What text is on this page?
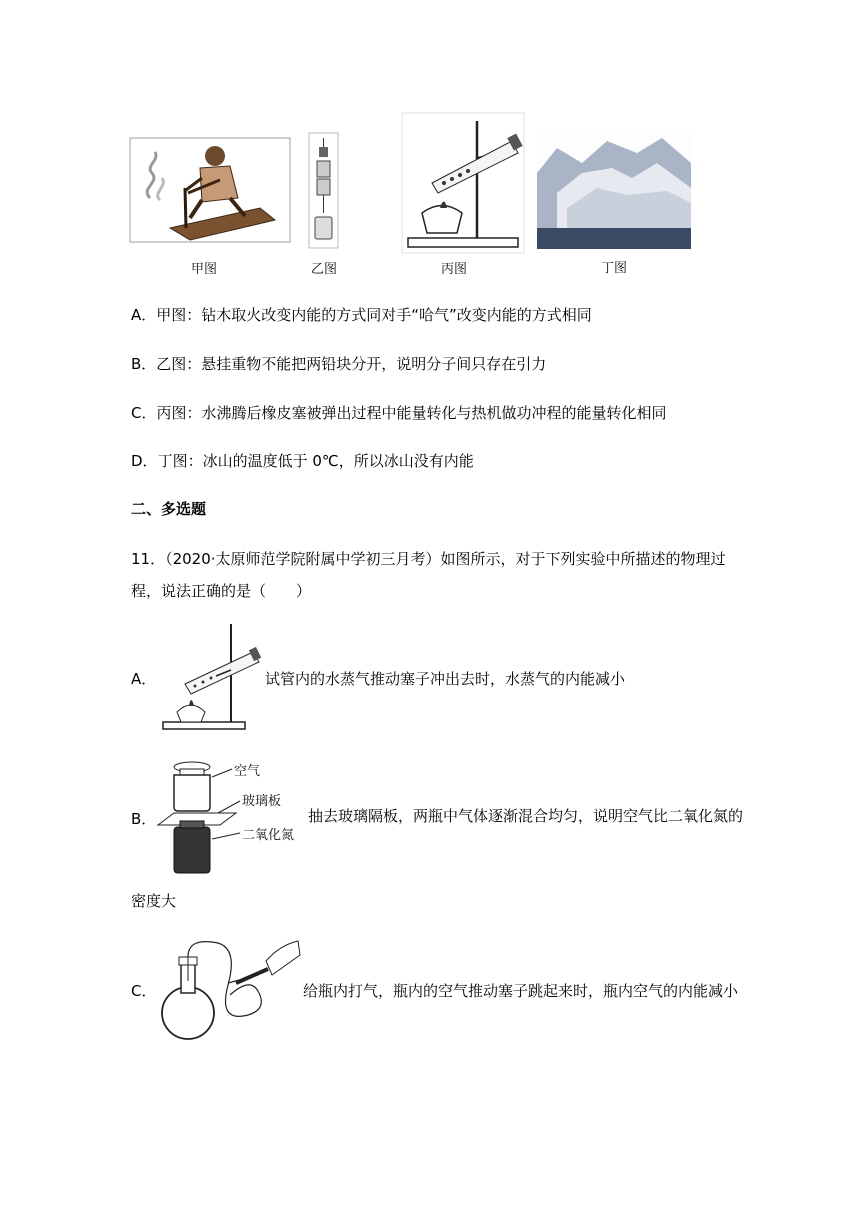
甲图	乙图	丙图	丁图
A．甲图：钻木取火改变内能的方式同对手“哈气”改变内能的方式相同
B．乙图：悬挂重物不能把两铅块分开，说明分子间只存在引力
C．丙图：水沸腾后橡皮塞被弹出过程中能量转化与热机做功冲程的能量转化相同
D．丁图：冰山的温度低于 0℃，所以冰山没有内能
二、多选题
11．（2020·太原师范学院附属中学初三月考）如图所示，对于下列实验中所描述的物理过
程，说法正确的是（　　）
A．	试管内的水蒸气推动塞子冲出去时，水蒸气的内能减小
B．
空气
玻璃板
二氧化氮
抽去玻璃隔板，两瓶中气体逐渐混合均匀，说明空气比二氧化氮的
密度大
C．	给瓶内打气，瓶内的空气推动塞子跳起来时，瓶内空气的内能减小
